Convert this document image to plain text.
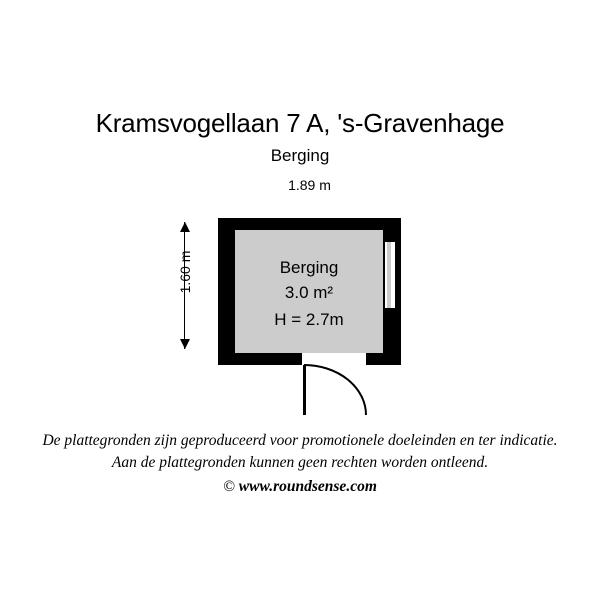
Kramsvogellaan 7 A, 's-Gravenhage
Berging
1.89 m
1.60 m	Berging
3.0 m²
H = 2.7m
De plattegronden zijn geproduceerd voor promotionele doeleinden en ter indicatie.
Aan de plattegronden kunnen geen rechten worden ontleend.
© www.roundsense.com
